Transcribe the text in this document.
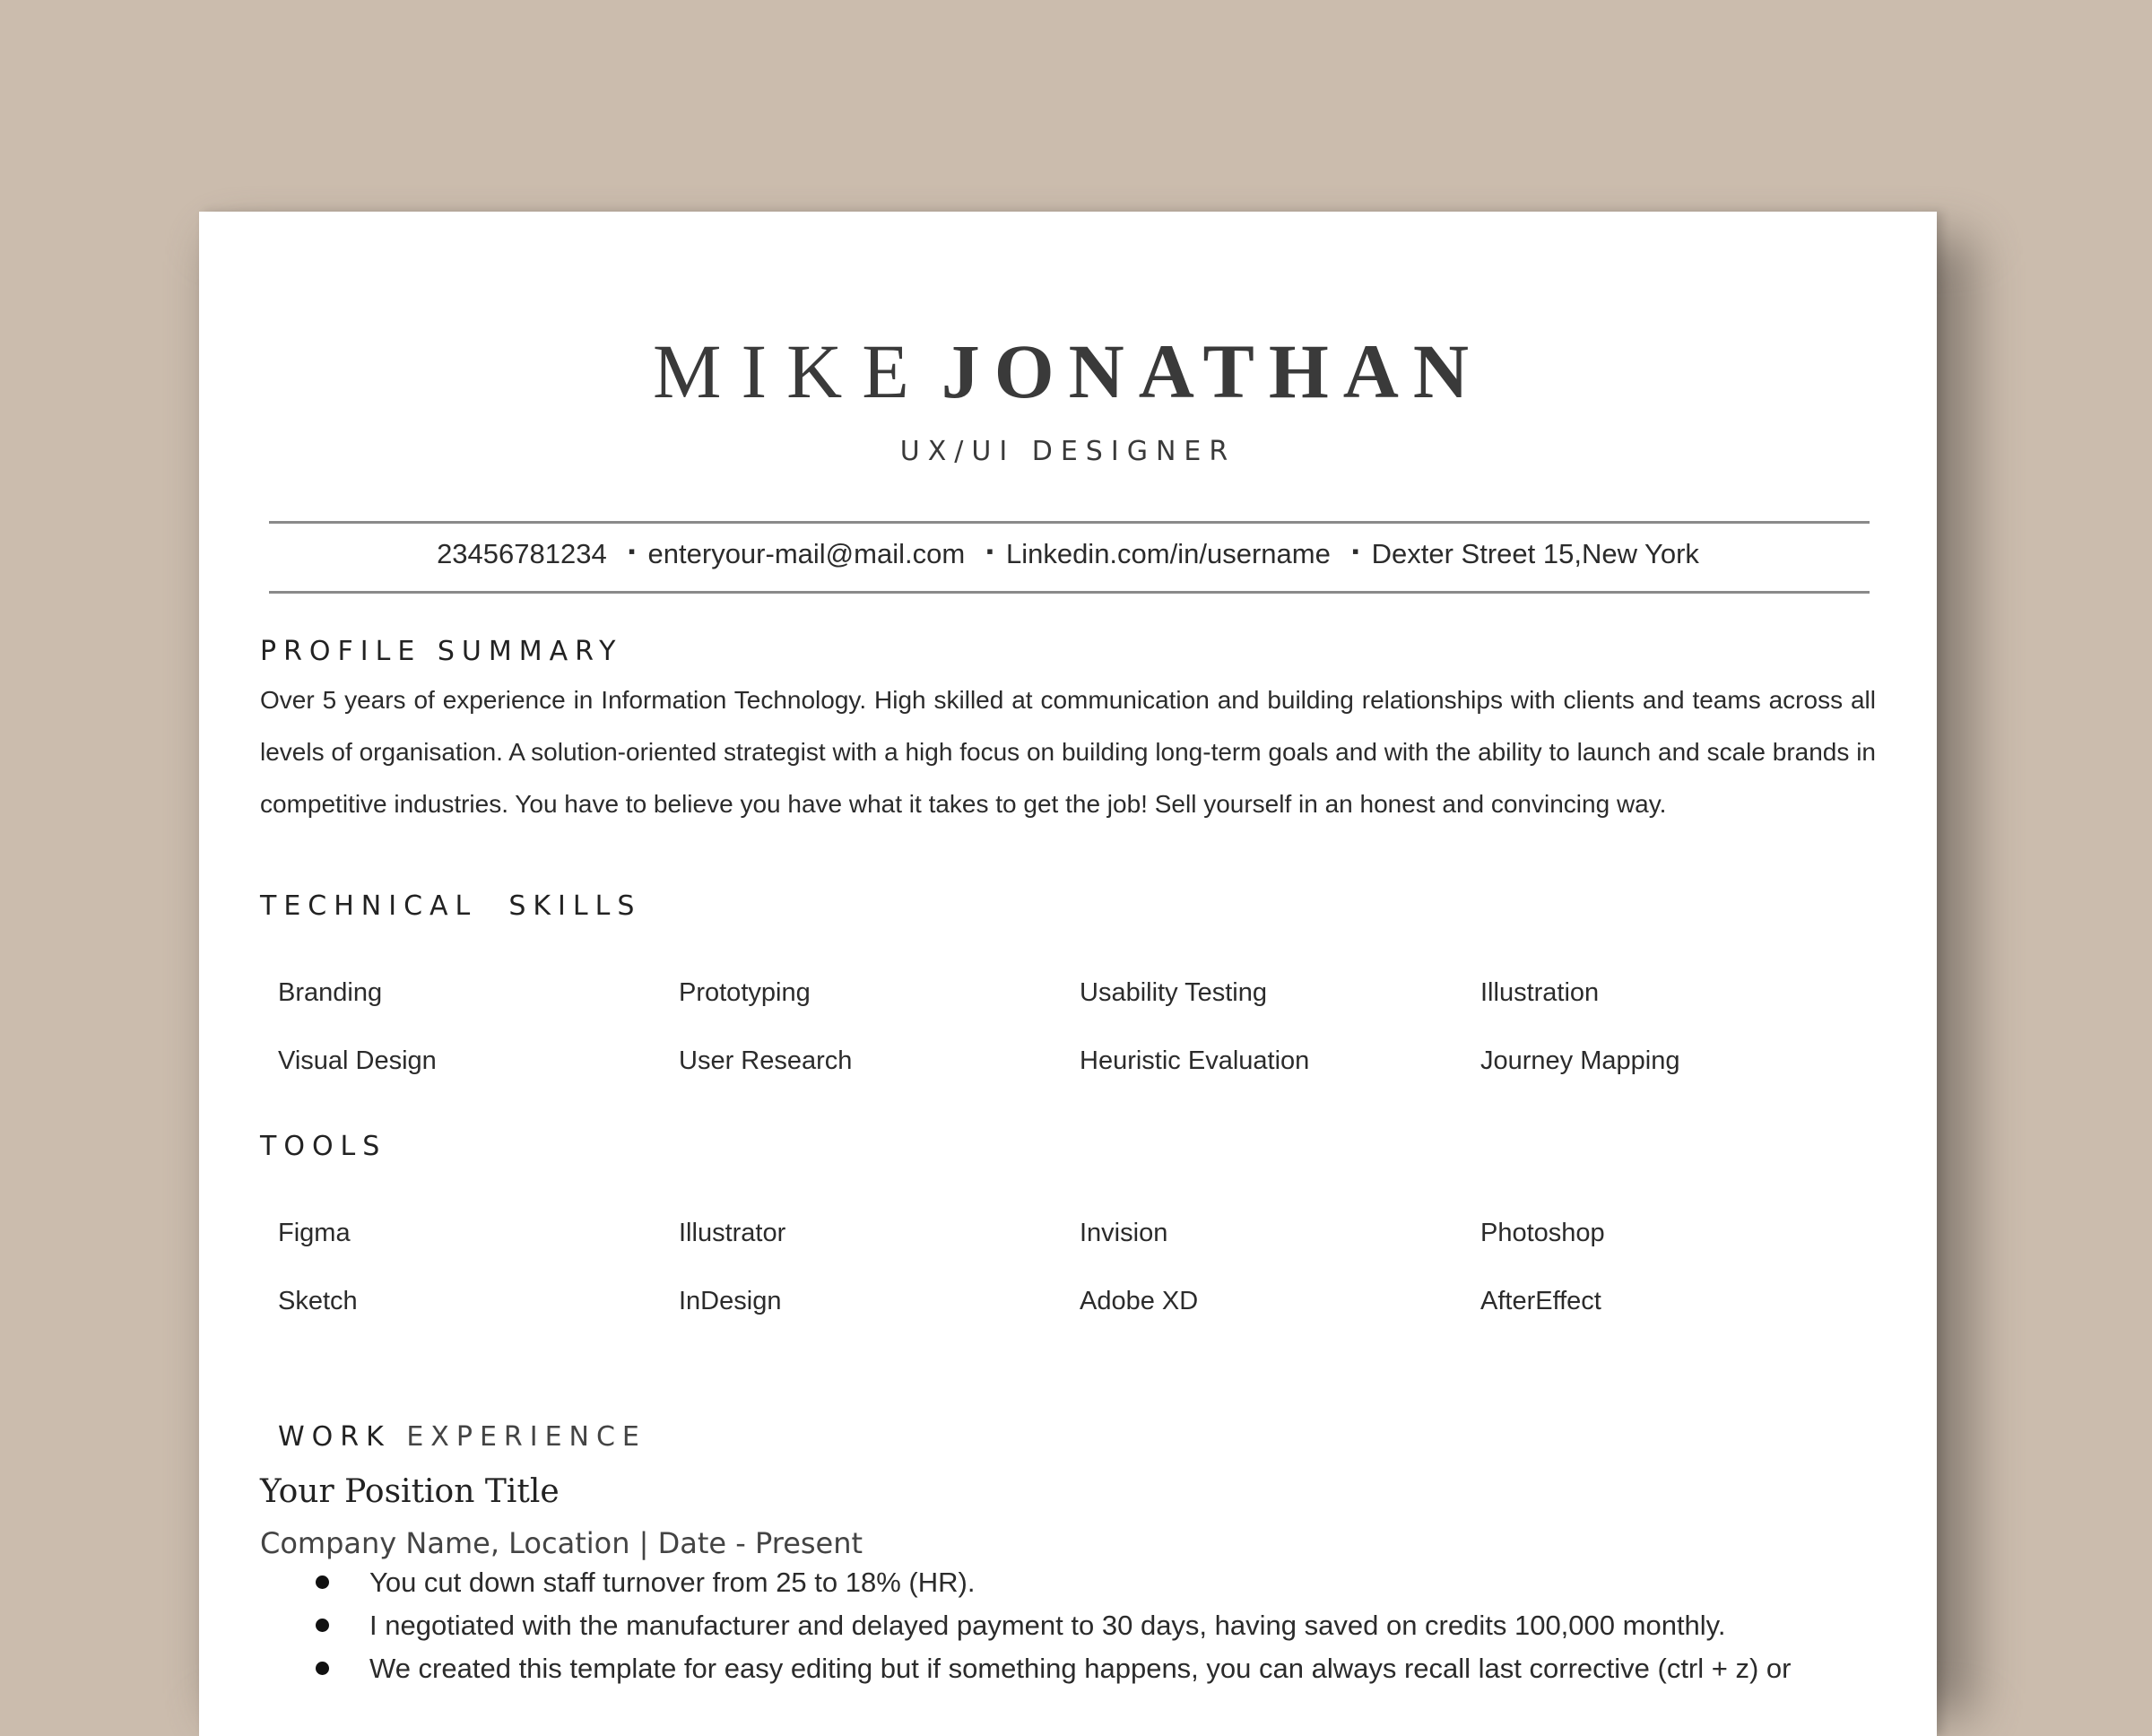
MIKE JONATHAN
UX/UI DESIGNER
23456781234 ▪ enteryour-mail@mail.com ▪ Linkedin.com/in/username ▪ Dexter Street 15,New York
PROFILE SUMMARY
Over 5 years of experience in Information Technology. High skilled at communication and building relationships with clients and teams across all levels of organisation. A solution-oriented strategist with a high focus on building long-term goals and with the ability to launch and scale brands in competitive industries. You have to believe you have what it takes to get the job! Sell yourself in an honest and convincing way.
TECHNICAL  SKILLS
Branding	Prototyping	Usability Testing	Illustration
Visual Design	User Research	Heuristic Evaluation	Journey Mapping
TOOLS
Figma	Illustrator	Invision	Photoshop
Sketch	InDesign	Adobe XD	AfterEffect
WORK EXPERIENCE
Your Position Title
Company Name, Location | Date - Present
You cut down staff turnover from 25 to 18% (HR).
I negotiated with the manufacturer and delayed payment to 30 days, having saved on credits 100,000 monthly.
We created this template for easy editing but if something happens, you can always recall last corrective (ctrl + z) or
